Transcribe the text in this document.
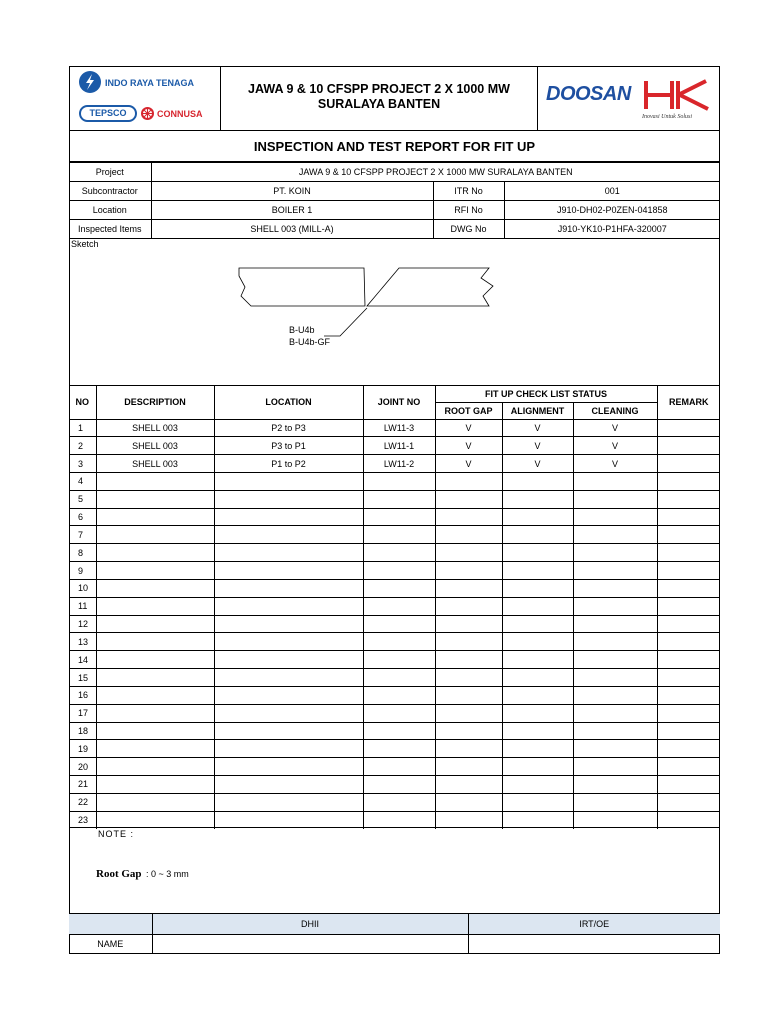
INDO RAYA TENAGA
TEPSCO	CONNUSA
JAWA 9 & 10 CFSPP PROJECT 2 X 1000 MW
SURALAYA BANTEN	DOOSAN
Inovasi Untuk Solusi
INSPECTION AND TEST REPORT FOR FIT UP
Project	JAWA 9 & 10 CFSPP PROJECT 2 X 1000 MW SURALAYA BANTEN		
Subcontractor	PT. KOIN	ITR No	001
Location	BOILER 1	RFI No	J910-DH02-P0ZEN-041858
Inspected Items	SHELL 003 (MILL-A)	DWG No	J910-YK10-P1HFA-320007
Sketch
B-U4b
B-U4b-GF
NO	DESCRIPTION	LOCATION	JOINT NO	FIT UP CHECK LIST STATUS			REMARK
				ROOT GAP	ALIGNMENT	CLEANING	
1	SHELL 003	P2 to P3	LW11-3	V	V	V	
2	SHELL 003	P3 to P1	LW11-1	V	V	V	
3	SHELL 003	P1 to P2	LW11-2	V	V	V	
4							
5							
6							
7							
8							
9							
10							
11							
12							
13							
14							
15							
16							
17							
18							
19							
20							
21							
22							
23							
NOTE :
Root Gap : 0 ~ 3 mm
	DHII	IRT/OE
NAME		
